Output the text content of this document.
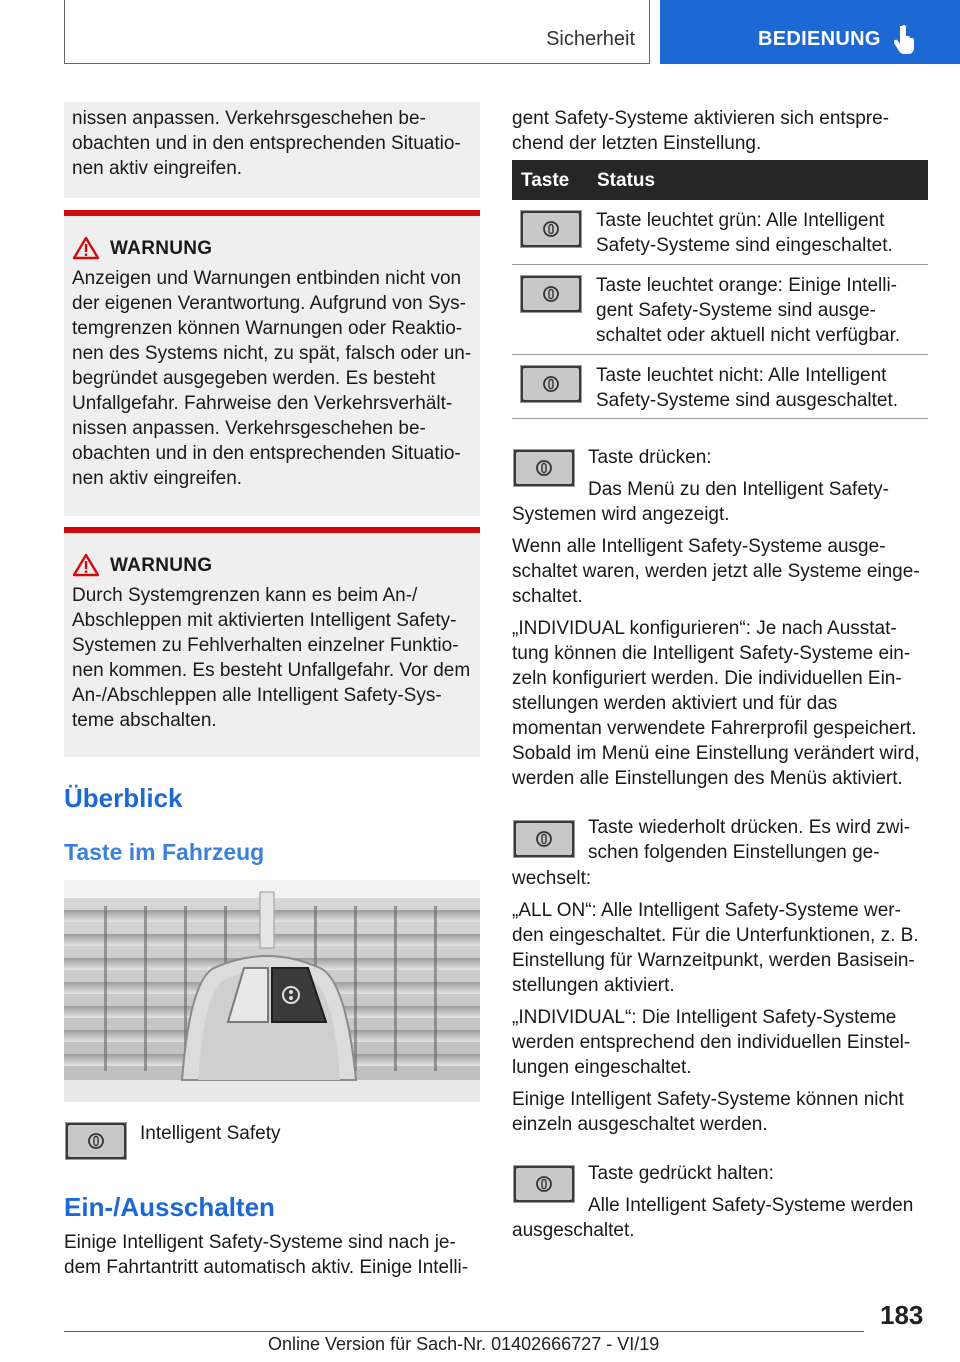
Sicherheit	BEDIENUNG
nissen anpassen. Verkehrsgeschehen be-
obachten und in den entsprechenden Situatio-
nen aktiv eingreifen.
WARNUNG
Anzeigen und Warnungen entbinden nicht von
der eigenen Verantwortung. Aufgrund von Sys-
temgrenzen können Warnungen oder Reaktio-
nen des Systems nicht, zu spät, falsch oder un-
begründet ausgegeben werden. Es besteht
Unfallgefahr. Fahrweise den Verkehrsverhält-
nissen anpassen. Verkehrsgeschehen be-
obachten und in den entsprechenden Situatio-
nen aktiv eingreifen.
WARNUNG
Durch Systemgrenzen kann es beim An-/
Abschleppen mit aktivierten Intelligent Safety-
Systemen zu Fehlverhalten einzelner Funktio-
nen kommen. Es besteht Unfallgefahr. Vor dem
An-/Abschleppen alle Intelligent Safety-Sys-
teme abschalten.
Überblick
Taste im Fahrzeug
Intelligent Safety
Ein-/Ausschalten
Einige Intelligent Safety-Systeme sind nach je-
dem Fahrtantritt automatisch aktiv. Einige Intelli-
gent Safety-Systeme aktivieren sich entspre-
chend der letzten Einstellung.
Taste Status
Taste leuchtet grün: Alle Intelligent
Safety-Systeme sind eingeschaltet.
Taste leuchtet orange: Einige Intelli-
gent Safety-Systeme sind ausge-
schaltet oder aktuell nicht verfügbar.
Taste leuchtet nicht: Alle Intelligent
Safety-Systeme sind ausgeschaltet.
Taste drücken:
Das Menü zu den Intelligent Safety-
Systemen wird angezeigt.
Wenn alle Intelligent Safety-Systeme ausge-
schaltet waren, werden jetzt alle Systeme einge-
schaltet.
„INDIVIDUAL konfigurieren“: Je nach Ausstat-
tung können die Intelligent Safety-Systeme ein-
zeln konfiguriert werden. Die individuellen Ein-
stellungen werden aktiviert und für das
momentan verwendete Fahrerprofil gespeichert.
Sobald im Menü eine Einstellung verändert wird,
werden alle Einstellungen des Menüs aktiviert.
Taste wiederholt drücken. Es wird zwi-
schen folgenden Einstellungen ge-
wechselt:
„ALL ON“: Alle Intelligent Safety-Systeme wer-
den eingeschaltet. Für die Unterfunktionen, z. B.
Einstellung für Warnzeitpunkt, werden Basisein-
stellungen aktiviert.
„INDIVIDUAL“: Die Intelligent Safety-Systeme
werden entsprechend den individuellen Einstel-
lungen eingeschaltet.
Einige Intelligent Safety-Systeme können nicht
einzeln ausgeschaltet werden.
Taste gedrückt halten:
Alle Intelligent Safety-Systeme werden
ausgeschaltet.
183
Online Version für Sach-Nr. 01402666727 - VI/19
